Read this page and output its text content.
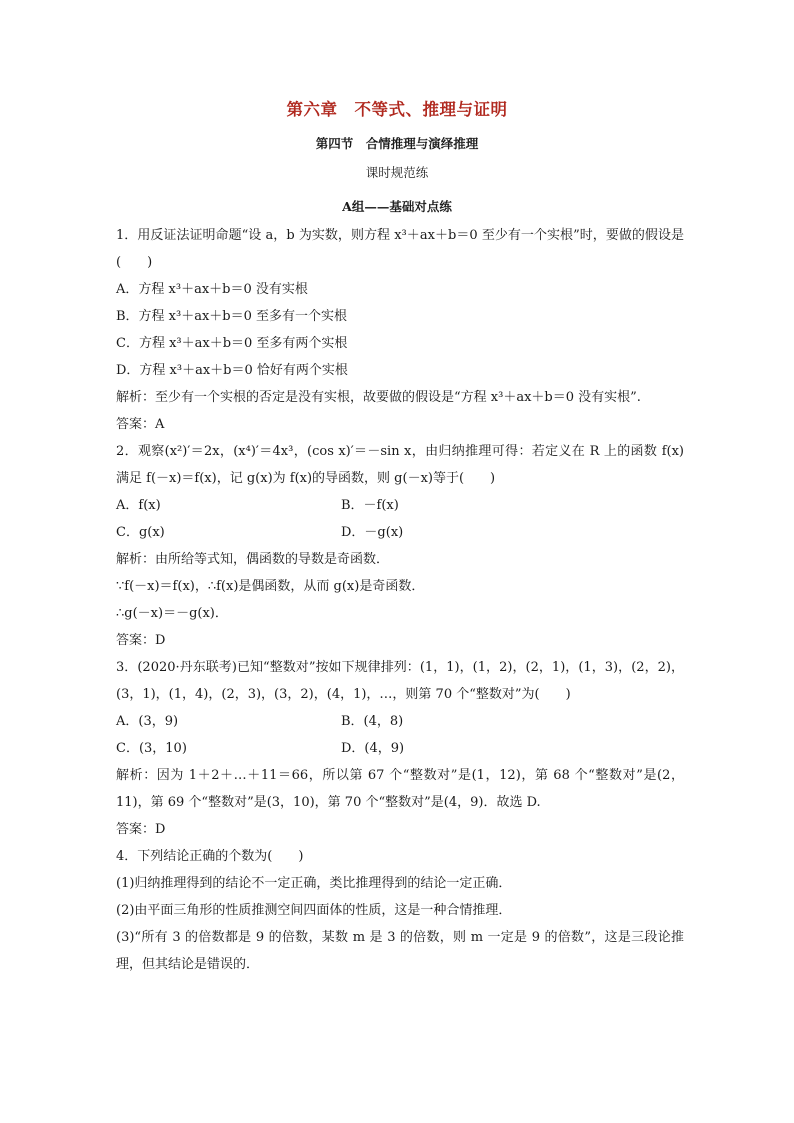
第六章　不等式、推理与证明
第四节　合情推理与演绎推理
课时规范练
A组——基础对点练
1．用反证法证明命题“设 a，b 为实数，则方程 x³＋ax＋b＝0 至少有一个实根”时，要做的假设是(　　)
A．方程 x³＋ax＋b＝0 没有实根
B．方程 x³＋ax＋b＝0 至多有一个实根
C．方程 x³＋ax＋b＝0 至多有两个实根
D．方程 x³＋ax＋b＝0 恰好有两个实根
解析：至少有一个实根的否定是没有实根，故要做的假设是“方程 x³＋ax＋b＝0 没有实根”.
答案：A
2．观察(x²)′＝2x，(x⁴)′＝4x³，(cos x)′＝－sin x，由归纳推理可得：若定义在 R 上的函数 f(x)满足 f(－x)＝f(x)，记 g(x)为 f(x)的导函数，则 g(－x)等于(　　)
A．f(x)	B．－f(x)
C．g(x)	D．－g(x)
解析：由所给等式知，偶函数的导数是奇函数．
∵f(－x)＝f(x)，∴f(x)是偶函数，从而 g(x)是奇函数．
∴g(－x)＝－g(x)．
答案：D
3．(2020·丹东联考)已知“整数对”按如下规律排列：(1，1)，(1，2)，(2，1)，(1，3)，(2，2)，(3，1)，(1，4)，(2，3)，(3，2)，(4，1)，…，则第 70 个“整数对”为(　　)
A．(3，9)	B．(4，8)
C．(3，10)	D．(4，9)
解析：因为 1＋2＋…＋11＝66，所以第 67 个“整数对”是(1，12)，第 68 个“整数对”是(2，11)，第 69 个“整数对”是(3，10)，第 70 个“整数对”是(4，9)．故选 D.
答案：D
4．下列结论正确的个数为(　　)
(1)归纳推理得到的结论不一定正确，类比推理得到的结论一定正确．
(2)由平面三角形的性质推测空间四面体的性质，这是一种合情推理．
(3)“所有 3 的倍数都是 9 的倍数，某数 m 是 3 的倍数，则 m 一定是 9 的倍数”，这是三段论推理，但其结论是错误的．
